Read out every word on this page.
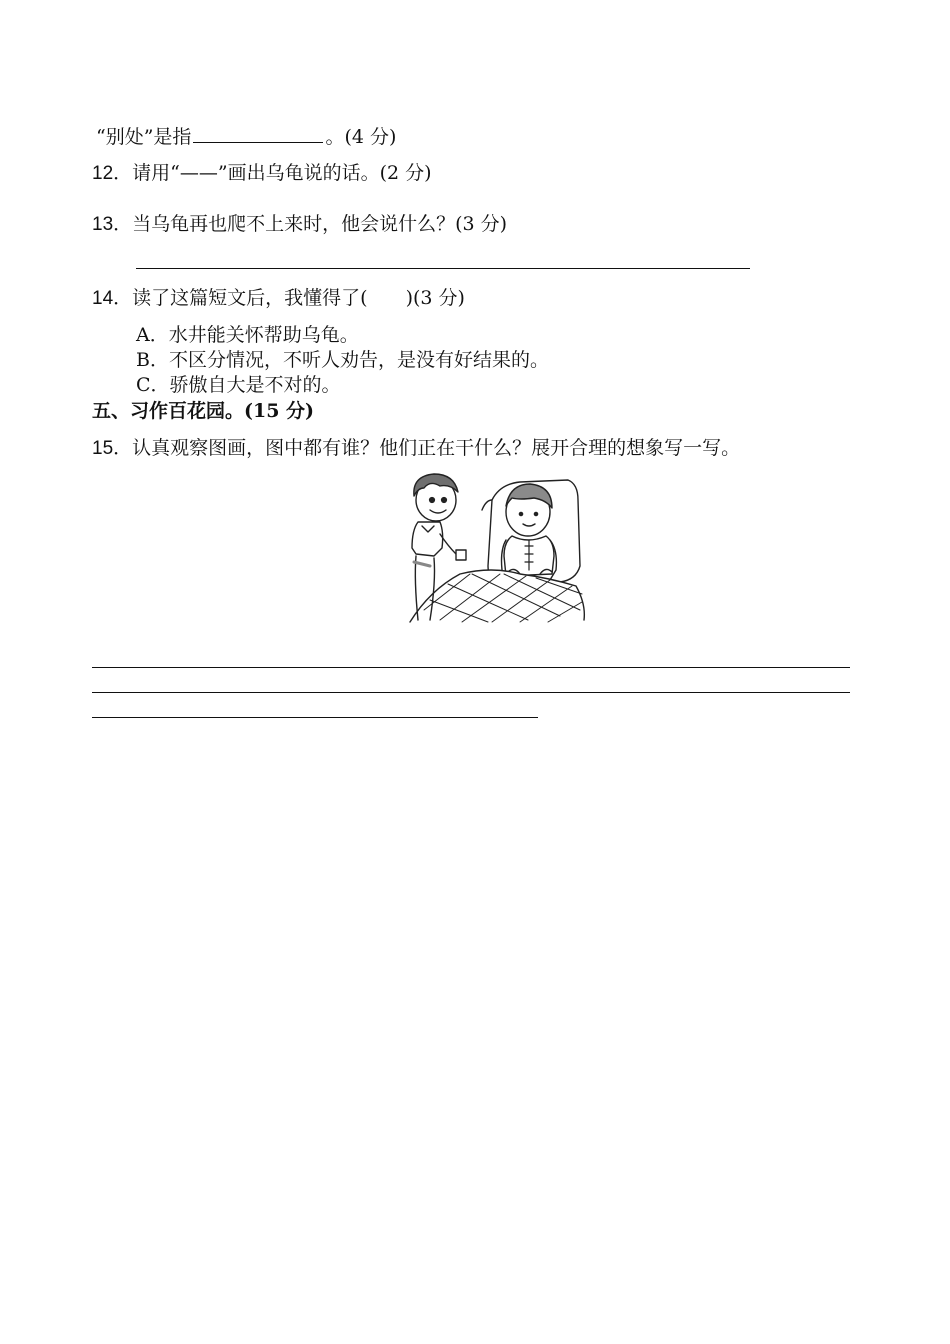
“别处”是指	。(4 分)
12．请用“——”画出乌龟说的话。(2 分)
13．当乌龟再也爬不上来时，他会说什么？(3 分)
14．读了这篇短文后，我懂得了( )(3 分)
A．水井能关怀帮助乌龟。
B．不区分情况，不听人劝告，是没有好结果的。
C．骄傲自大是不对的。
五、习作百花园。(15 分)
15．认真观察图画，图中都有谁？他们正在干什么？展开合理的想象写一写。
